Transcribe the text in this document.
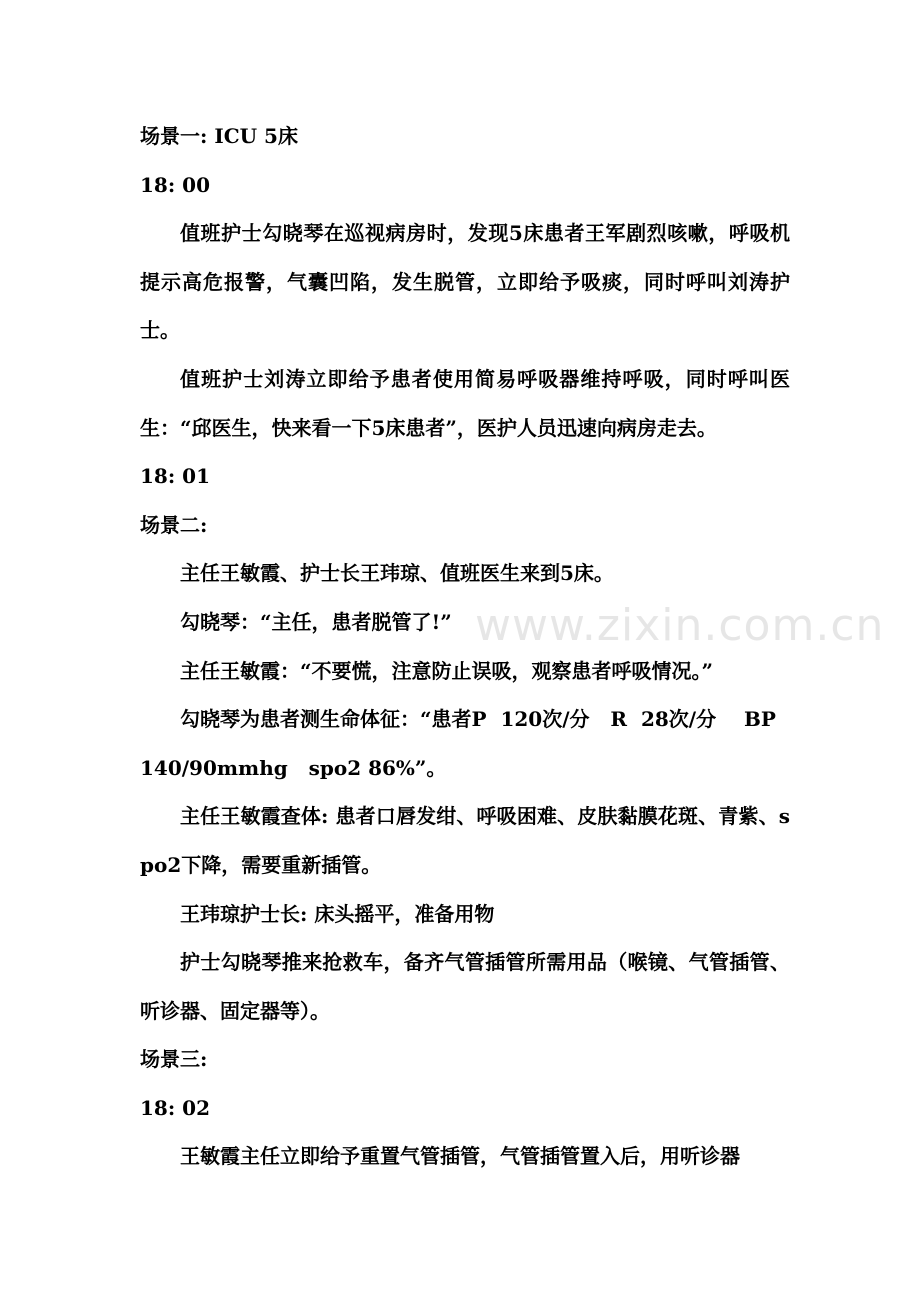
场景一: ICU 5床

18: 00

值班护士勾晓琴在巡视病房时，发现5床患者王军剧烈咳嗽，呼吸机提示高危报警，气囊凹陷，发生脱管，立即给予吸痰，同时呼叫刘涛护士。

值班护士刘涛立即给予患者使用简易呼吸器维持呼吸，同时呼叫医生：“邱医生，快来看一下5床患者”，医护人员迅速向病房走去。

18: 01

场景二:

主任王敏霞、护士长王玮琼、值班医生来到5床。

勾晓琴：“主任，患者脱管了!”

主任王敏霞：“不要慌，注意防止误吸，观察患者呼吸情况。”

勾晓琴为患者测生命体征：“患者P  120次/分   R  28次/分    BP

140/90mmhg   spo2 86%”。

主任王敏霞查体: 患者口唇发绀、呼吸困难、皮肤黏膜花斑、青紫、spo2下降，需要重新插管。

王玮琼护士长: 床头摇平，准备用物

护士勾晓琴推来抢救车，备齐气管插管所需用品（喉镜、气管插管、听诊器、固定器等）。

场景三:

18: 02

王敏霞主任立即给予重置气管插管，气管插管置入后，用听诊器

www.zixin.com.cn
